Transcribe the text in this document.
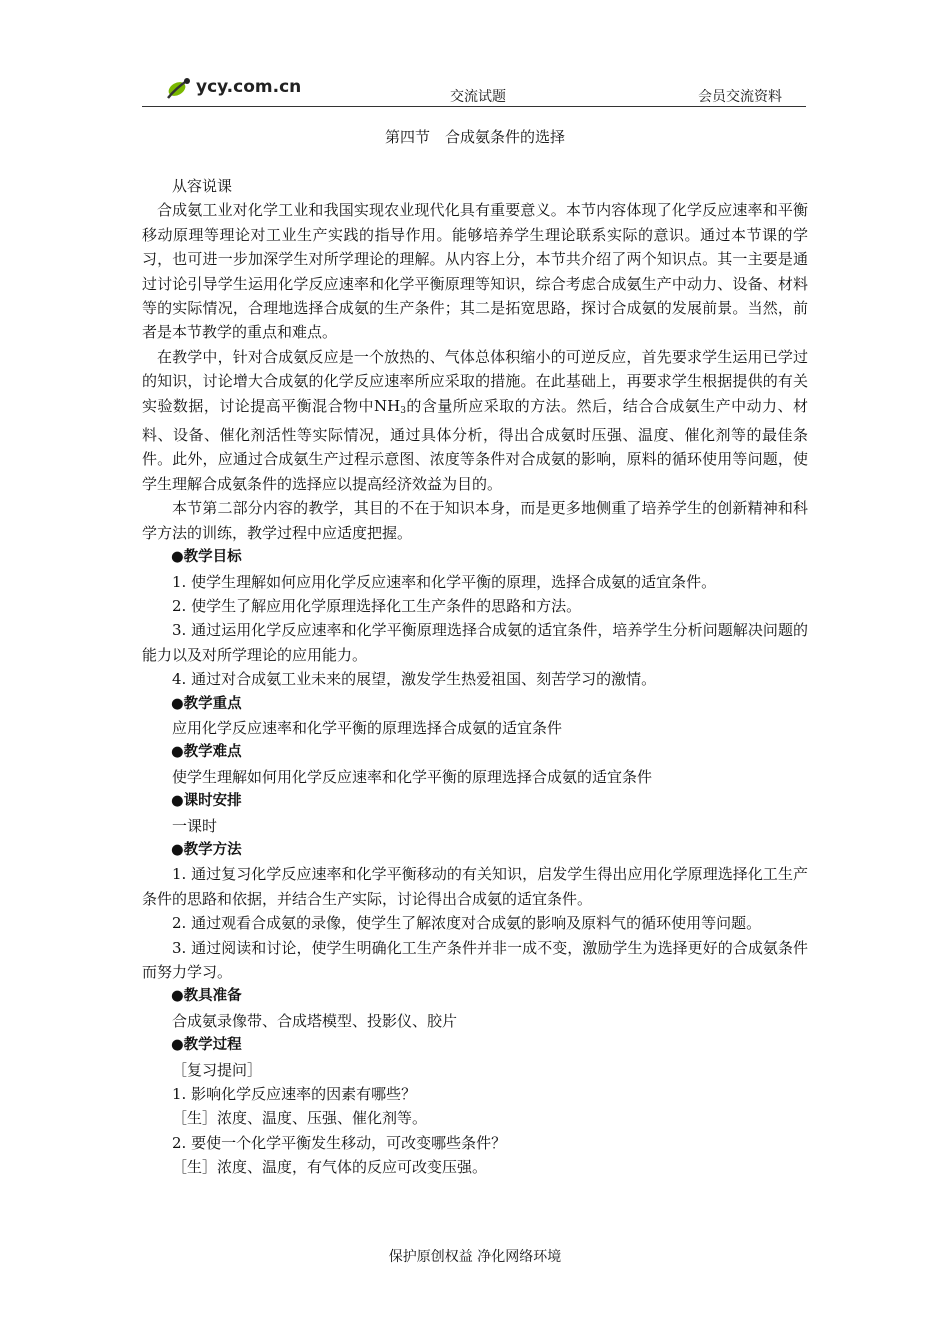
ycy.com.cn	交流试题	会员交流资料
第四节　合成氨条件的选择

从容说课

合成氨工业对化学工业和我国实现农业现代化具有重要意义。本节内容体现了化学反应速率和平衡移动原理等理论对工业生产实践的指导作用。能够培养学生理论联系实际的意识。通过本节课的学习，也可进一步加深学生对所学理论的理解。从内容上分，本节共介绍了两个知识点。其一主要是通过讨论引导学生运用化学反应速率和化学平衡原理等知识，综合考虑合成氨生产中动力、设备、材料等的实际情况，合理地选择合成氨的生产条件；其二是拓宽思路，探讨合成氨的发展前景。当然，前者是本节教学的重点和难点。

在教学中，针对合成氨反应是一个放热的、气体总体积缩小的可逆反应，首先要求学生运用已学过的知识，讨论增大合成氨的化学反应速率所应采取的措施。在此基础上，再要求学生根据提供的有关实验数据，讨论提高平衡混合物中$NH_3$的含量所应采取的方法。然后，结合合成氨生产中动力、材料、设备、催化剂活性等实际情况，通过具体分析，得出合成氨时压强、温度、催化剂等的最佳条件。此外，应通过合成氨生产过程示意图、浓度等条件对合成氨的影响，原料的循环使用等问题，使学生理解合成氨条件的选择应以提高经济效益为目的。

本节第二部分内容的教学，其目的不在于知识本身，而是更多地侧重了培养学生的创新精神和科学方法的训练，教学过程中应适度把握。

●教学目标

1. 使学生理解如何应用化学反应速率和化学平衡的原理，选择合成氨的适宜条件。

2. 使学生了解应用化学原理选择化工生产条件的思路和方法。

3. 通过运用化学反应速率和化学平衡原理选择合成氨的适宜条件，培养学生分析问题解决问题的能力以及对所学理论的应用能力。

4. 通过对合成氨工业未来的展望，激发学生热爱祖国、刻苦学习的激情。

●教学重点

应用化学反应速率和化学平衡的原理选择合成氨的适宜条件

●教学难点

使学生理解如何用化学反应速率和化学平衡的原理选择合成氨的适宜条件

●课时安排

一课时

●教学方法

1. 通过复习化学反应速率和化学平衡移动的有关知识，启发学生得出应用化学原理选择化工生产条件的思路和依据，并结合生产实际，讨论得出合成氨的适宜条件。

2. 通过观看合成氨的录像，使学生了解浓度对合成氨的影响及原料气的循环使用等问题。

3. 通过阅读和讨论，使学生明确化工生产条件并非一成不变，激励学生为选择更好的合成氨条件而努力学习。

●教具准备

合成氨录像带、合成塔模型、投影仪、胶片

●教学过程

［复习提问］

1. 影响化学反应速率的因素有哪些？

［生］浓度、温度、压强、催化剂等。

2. 要使一个化学平衡发生移动，可改变哪些条件？

［生］浓度、温度，有气体的反应可改变压强。

保护原创权益 净化网络环境
